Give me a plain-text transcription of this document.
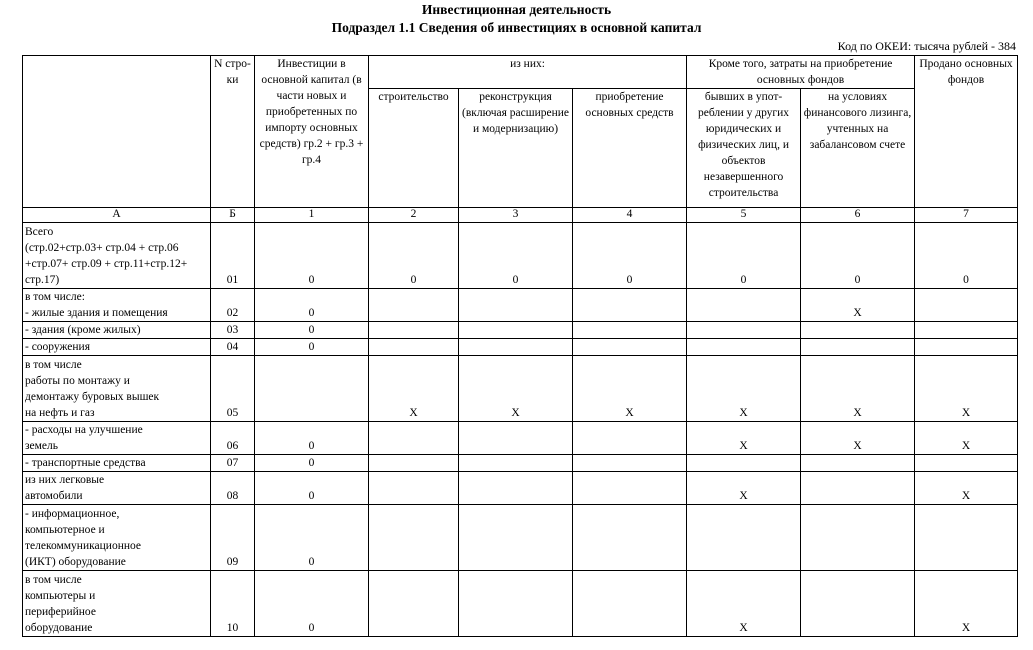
Инвестиционная деятельность
Подраздел 1.1 Сведения об инвестициях в основной капитал
Код по ОКЕИ: тысяча рублей - 384
	N стро-ки	Инвестиции в основной капитал (в части новых и приобретенных по импорту основных средств) гр.2 + гр.3 + гр.4	из них:			Кроме того, затраты на приобретение основных фондов		Продано основных фондов
			строительство	реконструкция (включая расширение и модернизацию)	приобретение основных средств	бывших в упот-реблении у других юридических и физических лиц, и объектов незавершенного строительства	на условиях финансового лизинга, учтенных на забалансовом счете	
А	Б	1	2	3	4	5	6	7
Всего
(стр.02+стр.03+ стр.04 + стр.06 +стр.07+ стр.09 + стр.11+стр.12+ стр.17)	01	0	0	0	0	0	0	0
в том числе:
- жилые здания и помещения	02	0					X	
- здания (кроме жилых)	03	0						
- сооружения	04	0						
в том числе
работы по монтажу и
демонтажу буровых вышек
на нефть и газ	05		X	X	X	X	X	X
- расходы на улучшение
земель	06	0				X	X	X
- транспортные средства	07	0						
из них легковые
автомобили	08	0				X		X
- информационное,
компьютерное и
телекоммуникационное
(ИКТ) оборудование	09	0						
в том числе
компьютеры и
периферийное
оборудование	10	0				X		X
